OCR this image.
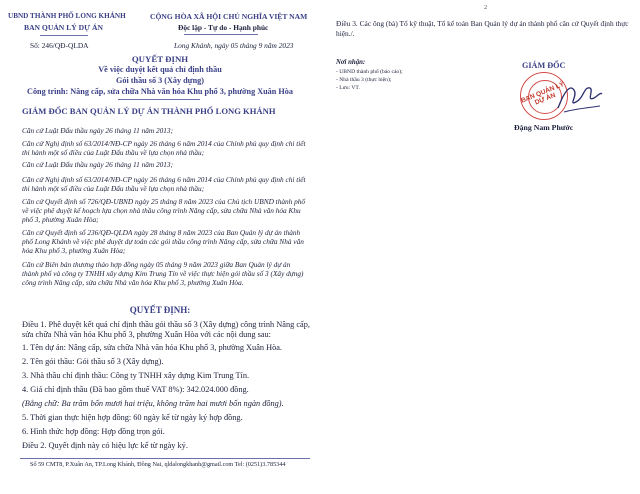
UBND THÀNH PHỐ LONG KHÁNH
BAN QUẢN LÝ DỰ ÁN
Số: 246/QĐ-QLDA
CỘNG HÒA XÃ HỘI CHỦ NGHĨA VIỆT NAM
Độc lập - Tự do - Hạnh phúc
Long Khánh, ngày 05 tháng 9 năm 2023
QUYẾT ĐỊNH
Về việc duyệt kết quả chỉ định thầu
Gói thầu số 3 (Xây dựng)
Công trình: Nâng cấp, sửa chữa Nhà văn hóa Khu phố 3, phường Xuân Hòa
GIÁM ĐỐC BAN QUẢN LÝ DỰ ÁN THÀNH PHỐ LONG KHÁNH
Căn cứ Luật Đấu thầu ngày 26 tháng 11 năm 2013;
Căn cứ Nghị định số 63/2014/NĐ-CP ngày 26 tháng 6 năm 2014 của Chính phủ quy định chi tiết thi hành một số điều của Luật Đấu thầu về lựa chọn nhà thầu;
Căn cứ Luật Đấu thầu ngày 26 tháng 11 năm 2013;
Căn cứ Nghị định số 63/2014/NĐ-CP ngày 26 tháng 6 năm 2014 của Chính phủ quy định chi tiết thi hành một số điều của Luật Đấu thầu về lựa chọn nhà thầu;
Căn cứ Quyết định số 726/QĐ-UBND ngày 25 tháng 8 năm 2023 của Chủ tịch UBND thành phố về việc phê duyệt kế hoạch lựa chọn nhà thầu công trình Nâng cấp, sửa chữa Nhà văn hóa Khu phố 3, phường Xuân Hòa;
Căn cứ Quyết định số 236/QĐ-QLDA ngày 28 tháng 8 năm 2023 của Ban Quản lý dự án thành phố Long Khánh về việc phê duyệt dự toán các gói thầu công trình Nâng cấp, sửa chữa Nhà văn hóa Khu phố 3, phường Xuân Hòa;
Căn cứ Biên bản thương thảo hợp đồng ngày 05 tháng 9 năm 2023 giữa Ban Quản lý dự án thành phố và công ty TNHH xây dựng Kim Trung Tín về việc thực hiện gói thầu số 3 (Xây dựng) công trình Nâng cấp, sửa chữa Nhà văn hóa Khu phố 3, phường Xuân Hòa.
QUYẾT ĐỊNH:
Điều 1. Phê duyệt kết quả chỉ định thầu gói thầu số 3 (Xây dựng) công trình Nâng cấp, sửa chữa Nhà văn hóa Khu phố 3, phường Xuân Hòa với các nội dung sau:
1. Tên dự án: Nâng cấp, sửa chữa Nhà văn hóa Khu phố 3, phường Xuân Hòa.
2. Tên gói thầu: Gói thầu số 3 (Xây dựng).
3. Nhà thầu chỉ định thầu: Công ty TNHH xây dựng Kim Trung Tín.
4. Giá chỉ định thầu (Đã bao gồm thuế VAT 8%): 342.024.000 đồng.
(Bằng chữ: Ba trăm bốn mươi hai triệu, không trăm hai mươi bốn ngàn đồng).
5. Thời gian thực hiện hợp đồng: 60 ngày kể từ ngày ký hợp đồng.
6. Hình thức hợp đồng: Hợp đồng trọn gói.
Điều 2. Quyết định này có hiệu lực kể từ ngày ký.
Số 59 CMT8, P.Xuân An, TP.Long Khánh, Đồng Nai, qldalongkhanh@gmail.com Tel: (0251)3.785344
2
Điều 3. Các ông (bà) Tổ kỹ thuật, Tổ kế toán Ban Quản lý dự án thành phố căn cứ Quyết định thực hiện./.
Nơi nhận:
- UBND thành phố (báo cáo);
- Nhà thầu 3 (thực hiện);
- Lưu: VT.
GIÁM ĐỐC
BAN QUẢN LÝ DỰ ÁN
Đặng Nam Phước
